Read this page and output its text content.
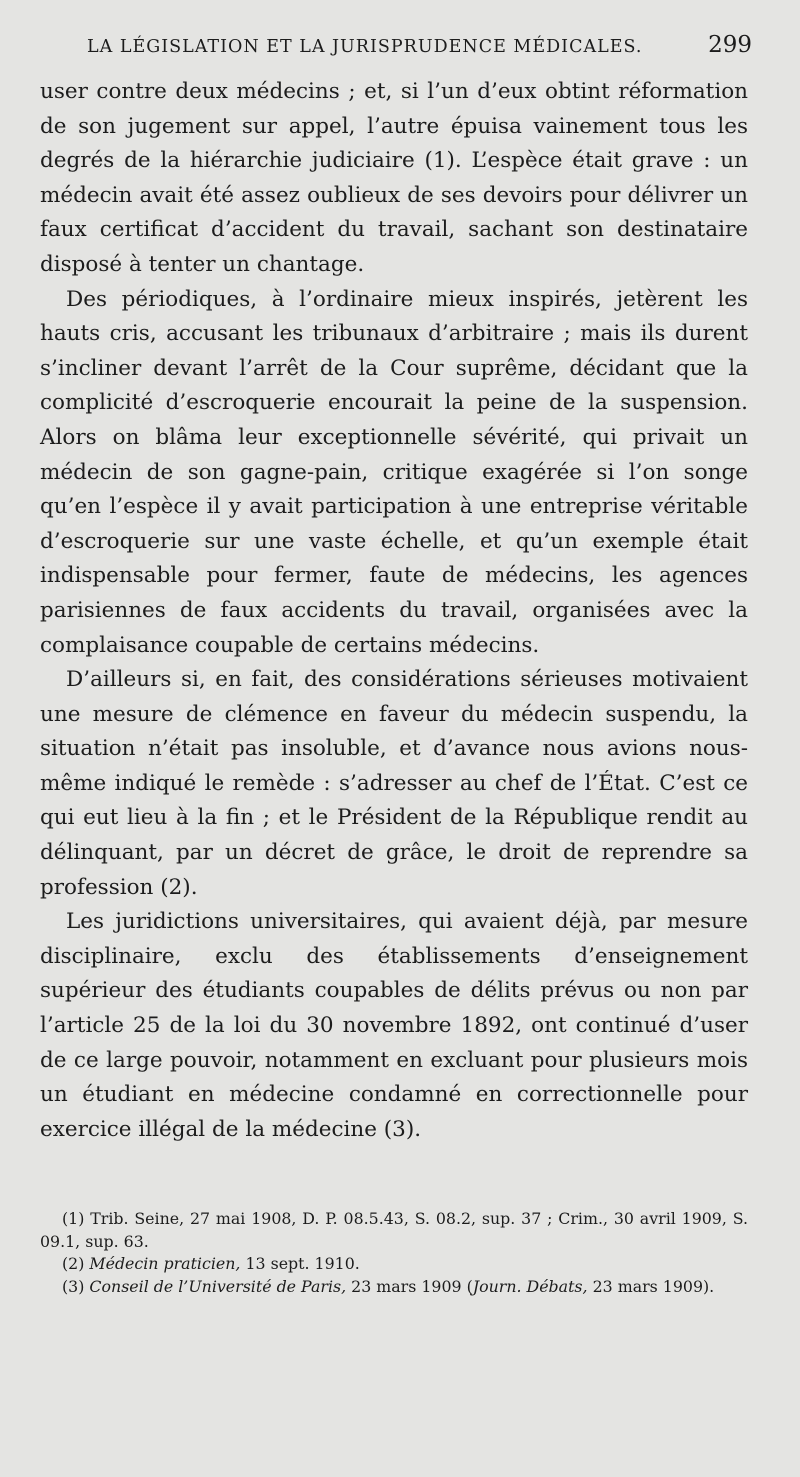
LA LÉGISLATION ET LA JURISPRUDENCE MÉDICALES.	299

user contre deux médecins ; et, si l’un d’eux obtint réformation de son jugement sur appel, l’autre épuisa vainement tous les degrés de la hiérarchie judiciaire (1). L’espèce était grave : un médecin avait été assez oublieux de ses devoirs pour délivrer un faux certificat d’accident du travail, sachant son destinataire disposé à tenter un chantage.

Des périodiques, à l’ordinaire mieux inspirés, jetèrent les hauts cris, accusant les tribunaux d’arbitraire ; mais ils durent s’incliner devant l’arrêt de la Cour suprême, décidant que la complicité d’escroquerie encourait la peine de la suspension. Alors on blâma leur exceptionnelle sévérité, qui privait un médecin de son gagne-pain, critique exagérée si l’on songe qu’en l’espèce il y avait participation à une entreprise véritable d’escroquerie sur une vaste échelle, et qu’un exemple était indispensable pour fermer, faute de médecins, les agences parisiennes de faux accidents du travail, organisées avec la complaisance coupable de certains médecins.

D’ailleurs si, en fait, des considérations sérieuses motivaient une mesure de clémence en faveur du médecin suspendu, la situation n’était pas insoluble, et d’avance nous avions nous-même indiqué le remède : s’adresser au chef de l’État. C’est ce qui eut lieu à la fin ; et le Président de la République rendit au délinquant, par un décret de grâce, le droit de reprendre sa profession (2).

Les juridictions universitaires, qui avaient déjà, par mesure disciplinaire, exclu des établissements d’enseignement supérieur des étudiants coupables de délits prévus ou non par l’article 25 de la loi du 30 novembre 1892, ont continué d’user de ce large pouvoir, notamment en excluant pour plusieurs mois un étudiant en médecine condamné en correctionnelle pour exercice illégal de la médecine (3).

(1) Trib. Seine, 27 mai 1908, D. P. 08.5.43, S. 08.2, sup. 37 ; Crim., 30 avril 1909, S. 09.1, sup. 63.

(2) Médecin praticien, 13 sept. 1910.

(3) Conseil de l’Université de Paris, 23 mars 1909 (Journ. Débats, 23 mars 1909).
